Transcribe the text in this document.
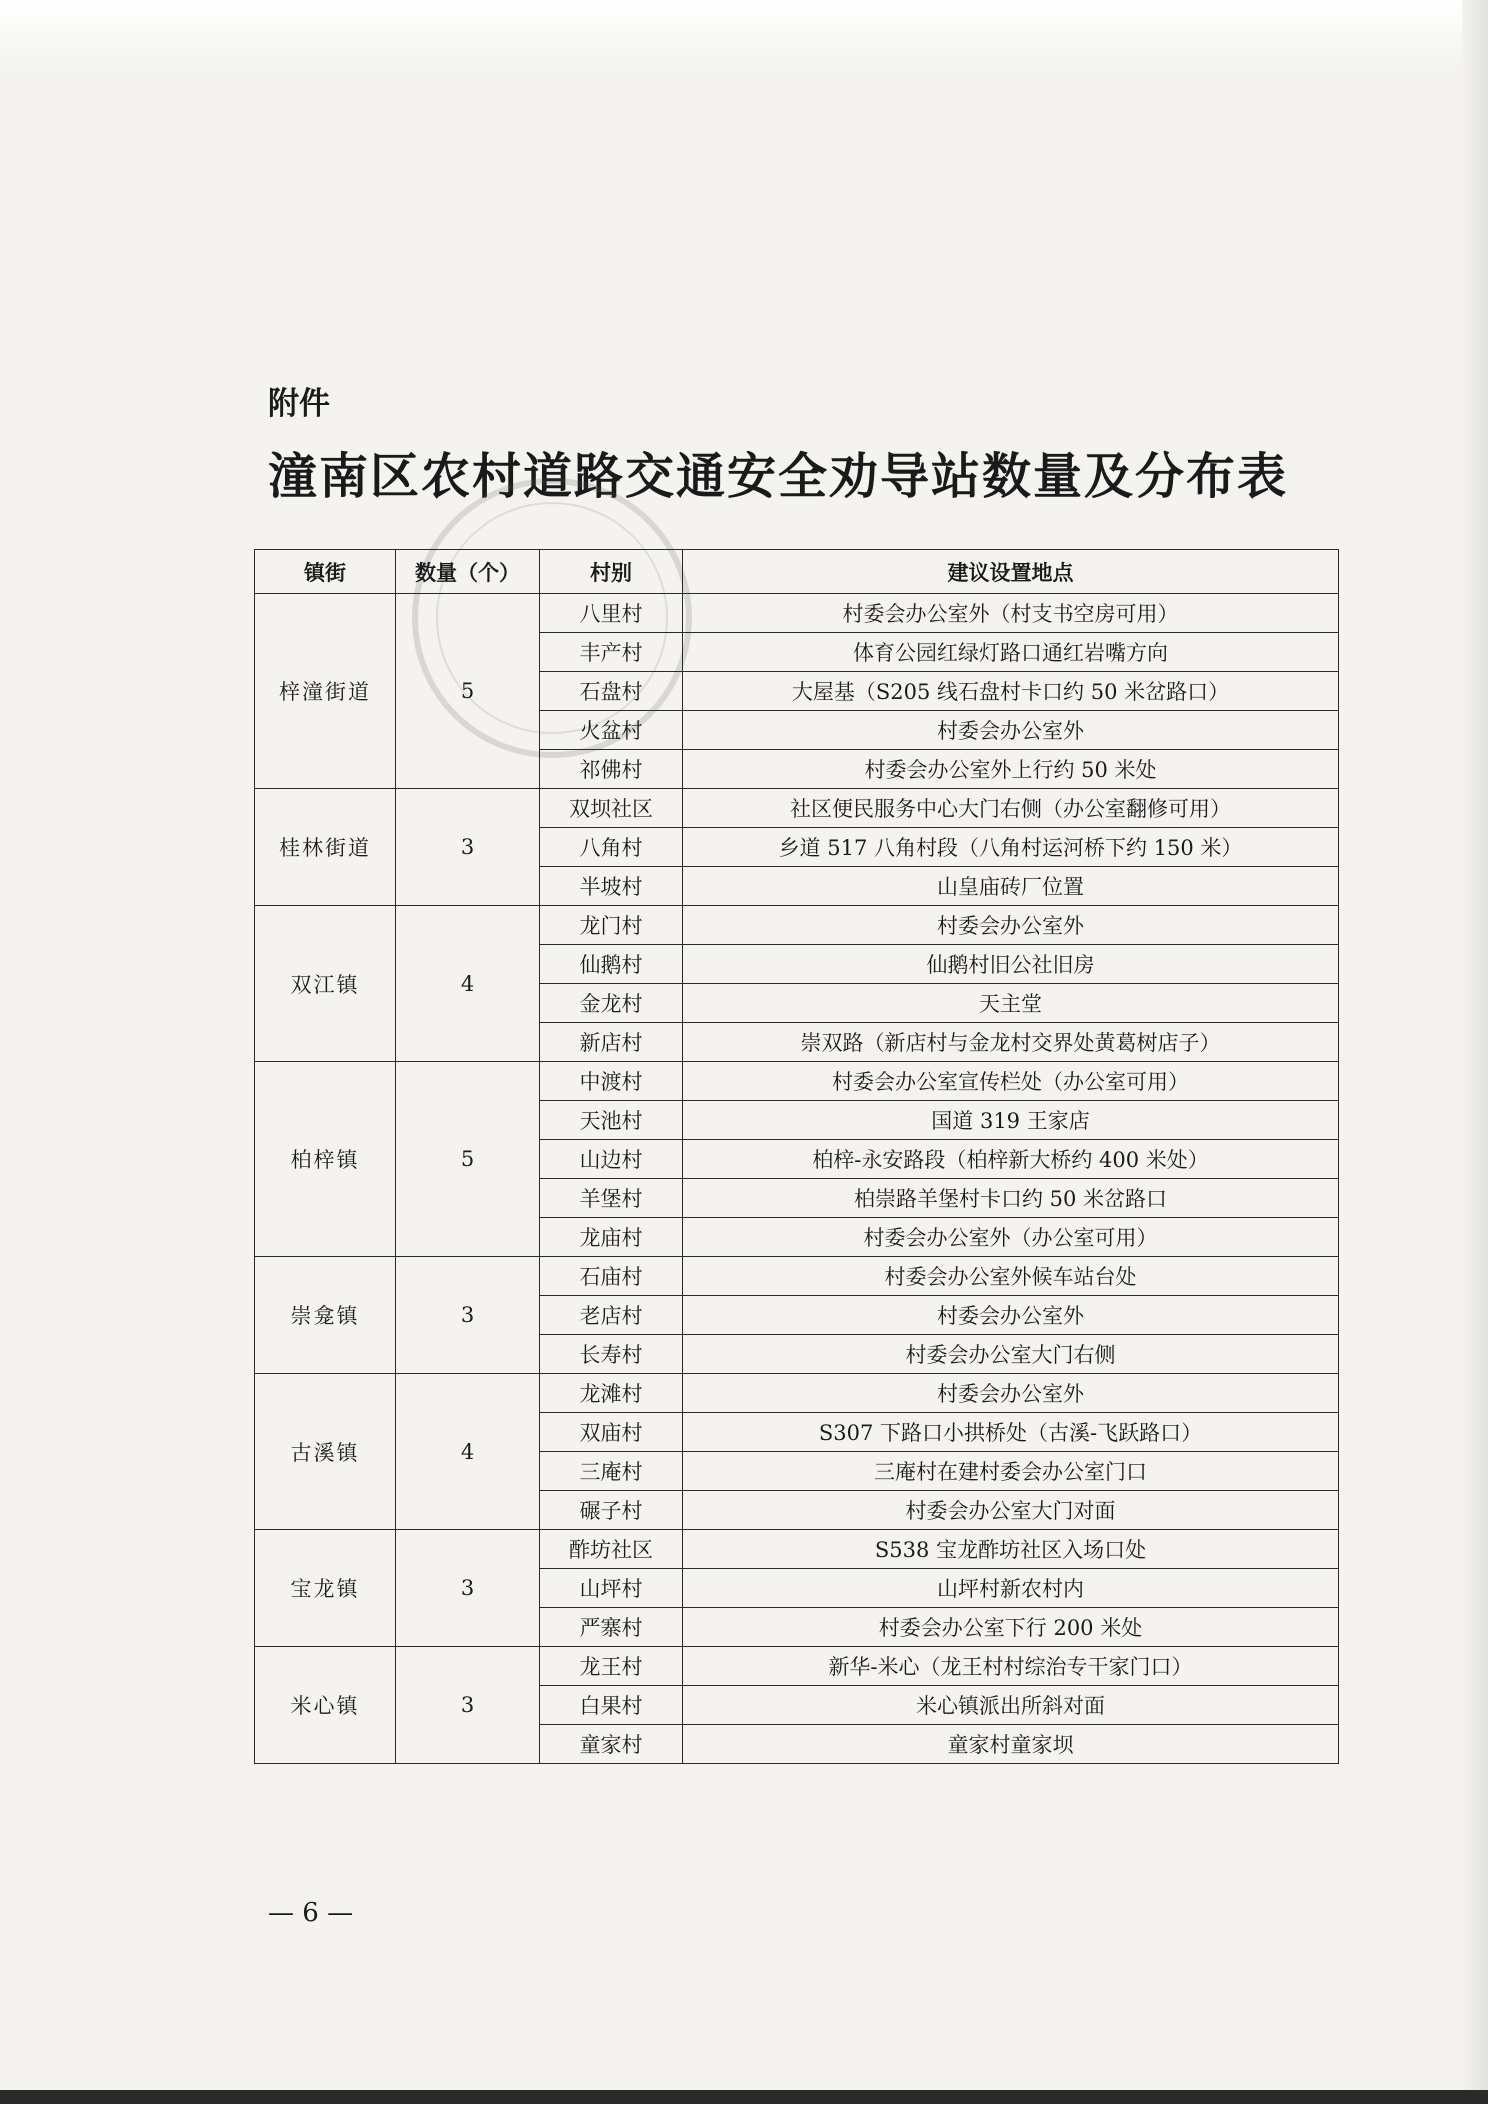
附件
潼南区农村道路交通安全劝导站数量及分布表
镇街	数量（个）	村别	建议设置地点
梓潼街道	5	八里村	村委会办公室外（村支书空房可用）
		丰产村	体育公园红绿灯路口通红岩嘴方向
		石盘村	大屋基（S205 线石盘村卡口约 50 米岔路口）
		火盆村	村委会办公室外
		祁佛村	村委会办公室外上行约 50 米处
桂林街道	3	双坝社区	社区便民服务中心大门右侧（办公室翻修可用）
		八角村	乡道 517 八角村段（八角村运河桥下约 150 米）
		半坡村	山皇庙砖厂位置
双江镇	4	龙门村	村委会办公室外
		仙鹅村	仙鹅村旧公社旧房
		金龙村	天主堂
		新店村	崇双路（新店村与金龙村交界处黄葛树店子）
柏梓镇	5	中渡村	村委会办公室宣传栏处（办公室可用）
		天池村	国道 319 王家店
		山边村	柏梓-永安路段（柏梓新大桥约 400 米处）
		羊堡村	柏崇路羊堡村卡口约 50 米岔路口
		龙庙村	村委会办公室外（办公室可用）
崇龛镇	3	石庙村	村委会办公室外候车站台处
		老店村	村委会办公室外
		长寿村	村委会办公室大门右侧
古溪镇	4	龙滩村	村委会办公室外
		双庙村	S307 下路口小拱桥处（古溪-飞跃路口）
		三庵村	三庵村在建村委会办公室门口
		碾子村	村委会办公室大门对面
宝龙镇	3	酢坊社区	S538 宝龙酢坊社区入场口处
		山坪村	山坪村新农村内
		严寨村	村委会办公室下行 200 米处
米心镇	3	龙王村	新华-米心（龙王村村综治专干家门口）
		白果村	米心镇派出所斜对面
		童家村	童家村童家坝
— 6 —
